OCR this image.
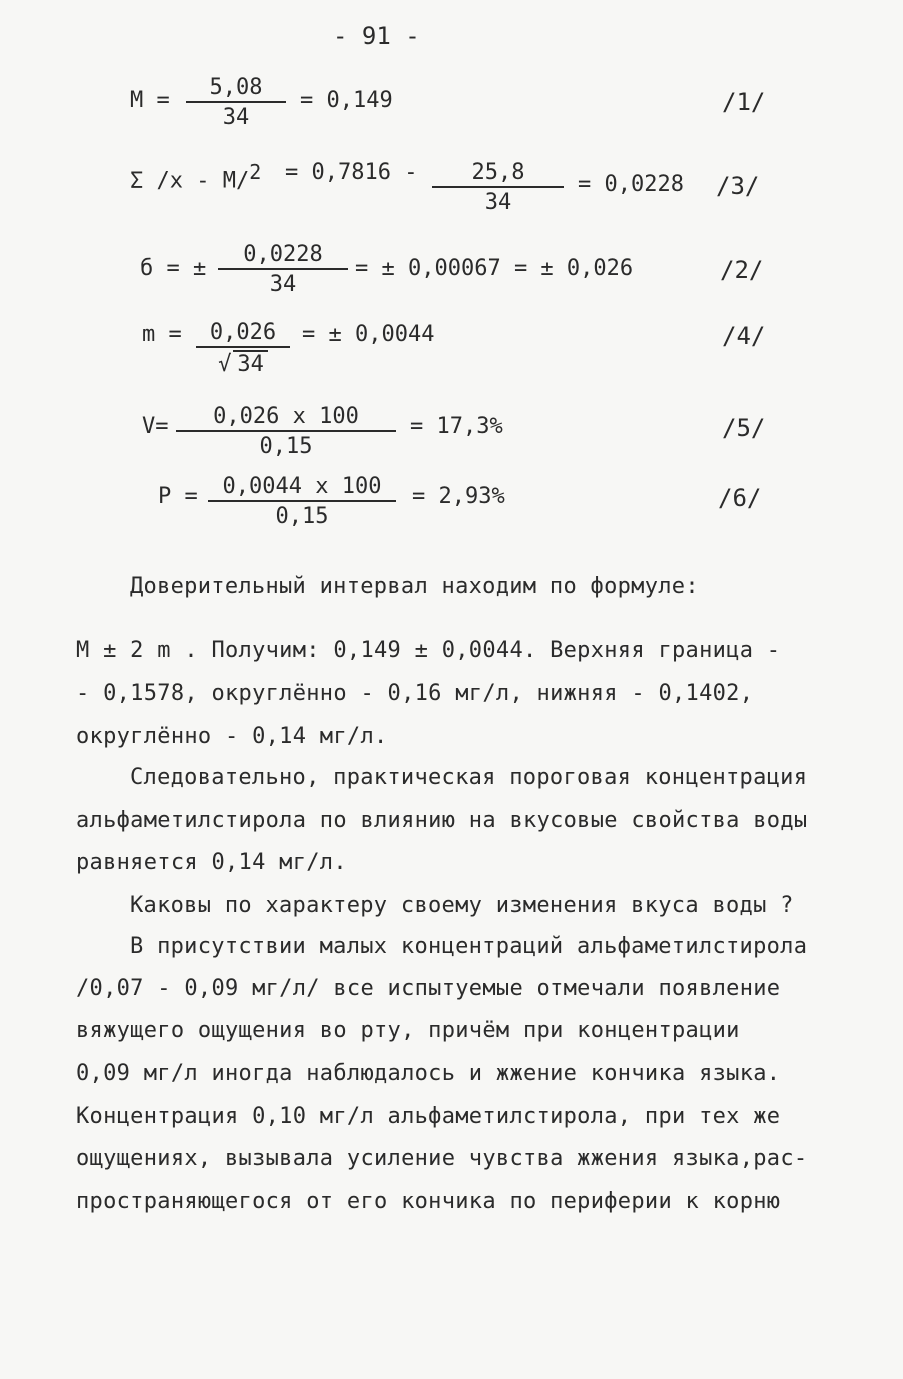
- 91 -
$M = \frac{5,08}{34} = 0,149$	/1/
Σ $/x - M/^2 = 0,7816 - \frac{25,8}{34} = 0,0228$ /3/
б = ± $\frac{0,0228}{34}$ = ± 0,00067 = ± 0,026	/2/
$m = \frac{0,026}{√ 34}$ = ± 0,0044	/4/
$V= \frac{0,026 x 100}{0,15} = 17,3\%$	/5/
$P = \frac{0,0044 x 100}{0,15} = 2,93\%$	/6/
Доверительный интервал находим по формуле:
M ± 2 m . Получим: 0,149 ± 0,0044. Верхняя граница -
- 0,1578, округлённо - 0,16 мг/л, нижняя - 0,1402,
округлённо - 0,14 мг/л.
Следовательно, практическая пороговая концентрация
альфаметилстирола по влиянию на вкусовые свойства воды
равняется 0,14 мг/л.
Каковы по характеру своему изменения вкуса воды ?
В присутствии малых концентраций альфаметилстирола
/0,07 - 0,09 мг/л/ все испытуемые отмечали появление
вяжущего ощущения во рту, причём при концентрации
0,09 мг/л иногда наблюдалось и жжение кончика языка.
Концентрация 0,10 мг/л альфаметилстирола, при тех же
ощущениях, вызывала усиление чувства жжения языка,рас-
пространяющегося от его кончика по периферии к корню
